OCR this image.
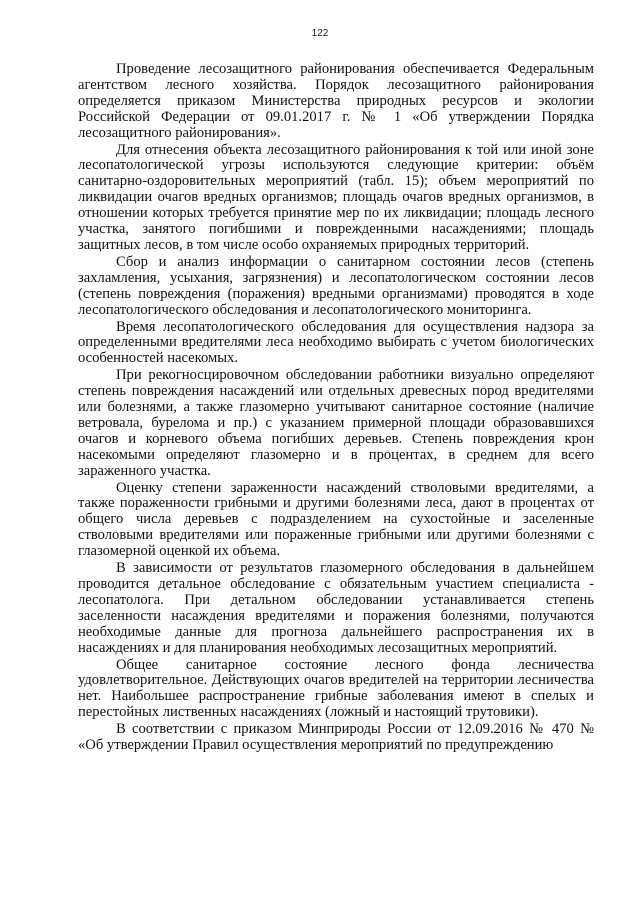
122

Проведение лесозащитного районирования обеспечивается Федеральным агентством лесного хозяйства. Порядок лесозащитного районирования определяется приказом Министерства природных ресурсов и экологии Российской Федерации от 09.01.2017 г. № 1 «Об утверждении Порядка лесозащитного районирования».

Для отнесения объекта лесозащитного районирования к той или иной зоне лесопатологической угрозы используются следующие критерии: объём санитарно-оздоровительных мероприятий (табл. 15); объем мероприятий по ликвидации очагов вредных организмов; площадь очагов вредных организмов, в отношении которых требуется принятие мер по их ликвидации; площадь лесного участка, занятого погибшими и поврежденными насаждениями; площадь защитных лесов, в том числе особо охраняемых природных территорий.

Сбор и анализ информации о санитарном состоянии лесов (степень захламления, усыхания, загрязнения) и лесопатологическом состоянии лесов (степень повреждения (поражения) вредными организмами) проводятся в ходе лесопатологического обследования и лесопатологического мониторинга.

Время лесопатологического обследования для осуществления надзора за определенными вредителями леса необходимо выбирать с учетом биологических особенностей насекомых.

При рекогносцировочном обследовании работники визуально определяют степень повреждения насаждений или отдельных древесных пород вредителями или болезнями, а также глазомерно учитывают санитарное состояние (наличие ветровала, бурелома и пр.) с указанием примерной площади образовавшихся очагов и корневого объема погибших деревьев. Степень повреждения крон насекомыми определяют глазомерно и в процентах, в среднем для всего зараженного участка.

Оценку степени зараженности насаждений стволовыми вредителями, а также пораженности грибными и другими болезнями леса, дают в процентах от общего числа деревьев с подразделением на сухостойные и заселенные стволовыми вредителями или пораженные грибными или другими болезнями с глазомерной оценкой их объема.

В зависимости от результатов глазомерного обследования в дальнейшем проводится детальное обследование с обязательным участием специалиста - лесопатолога. При детальном обследовании устанавливается степень заселенности насаждения вредителями и поражения болезнями, получаются необходимые данные для прогноза дальнейшего распространения их в насаждениях и для планирования необходимых лесозащитных мероприятий.

Общее санитарное состояние лесного фонда лесничества удовлетворительное. Действующих очагов вредителей на территории лесничества нет. Наибольшее распространение грибные заболевания имеют в спелых и перестойных лиственных насаждениях (ложный и настоящий трутовики).

В соответствии с приказом Минприроды России от 12.09.2016 № 470 № «Об утверждении Правил осуществления мероприятий по предупреждению
